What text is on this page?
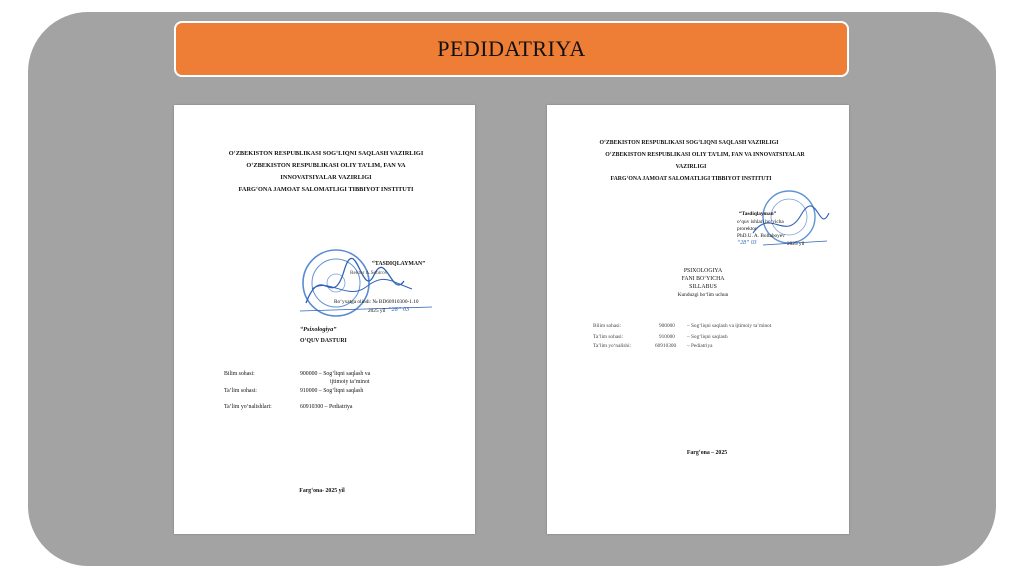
PEDIDATRIYA
O‘ZBEKISTON RESPUBLIKASI SOG‘LIQNI SAQLASH VAZIRLIGI
O‘ZBEKISTON RESPUBLIKASI OLIY TA’LIM, FAN VA
INNOVATSIYALAR VAZIRLIGI
FARG‘ONA JAMOAT SALOMATLIGI TIBBIYOT INSTITUTI
“TASDIQLAYMAN”
Rektor A.Sobirov
Ro‘yxatga olindi: № BD60910300-1.10
2025 yil “28” 03
“Psixologiya”
O‘QUV DASTURI
Bilim sohasi:	900000 – Sog‘liqni saqlash va
ijtimoiy ta’minot
Ta’lim sohasi:	910000 – Sog‘liqni saqlash
Ta’lim yo‘nalishlari:	60910300 – Pediatriya
Farg‘ona- 2025 yil
O‘ZBEKISTON RESPUBLIKASI SOG‘LIQNI SAQLASH VAZIRLIGI
O‘ZBEKISTON RESPUBLIKASI OLIY TA’LIM, FAN VA INNOVATSIYALAR
VAZIRLIGI
FARG‘ONA JAMOAT SALOMATLIGI TIBBIYOT INSTITUTI
“Tasdiqlayman”
o‘quv ishlari bo‘yicha
prorektor
PhD.U. A. Boltaboyev
“28” 03	2025 yil
PSIXOLOGIYA
FANI BO‘YICHA
SILLABUS
Kunduzgi bo‘lim uchun
Bilim sohasi:	900000 – Sog‘liqni saqlash va ijtimoiy ta’minot
Ta’lim sohasi:	910000 – Sog‘liqni saqlash
Ta’lim yo‘nalishi:	60910300 – Pediatriya
Farg‘ona – 2025
